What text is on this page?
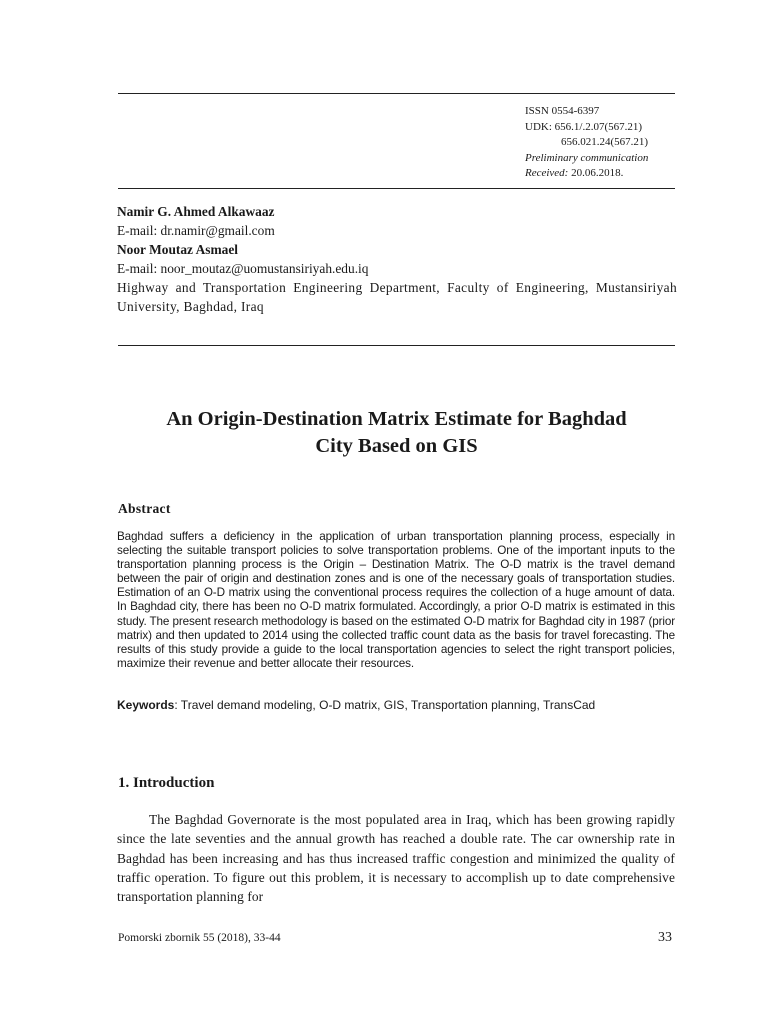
ISSN 0554-6397
UDK: 656.1/.2.07(567.21)
656.021.24(567.21)
Preliminary communication
Received: 20.06.2018.
Namir G. Ahmed Alkawaaz
E-mail: dr.namir@gmail.com
Noor Moutaz Asmael
E-mail: noor_moutaz@uomustansiriyah.edu.iq
Highway and Transportation Engineering Department, Faculty of Engineering, Mustansiriyah University, Baghdad, Iraq
An Origin-Destination Matrix Estimate for Baghdad
City Based on GIS
Abstract
Baghdad suffers a deficiency in the application of urban transportation planning process, especially in selecting the suitable transport policies to solve transportation problems. One of the important inputs to the transportation planning process is the Origin – Destination Matrix. The O-D matrix is the travel demand between the pair of origin and destination zones and is one of the necessary goals of transportation studies. Estimation of an O-D matrix using the conventional process requires the collection of a huge amount of data. In Baghdad city, there has been no O-D matrix formulated. Accordingly, a prior O-D matrix is estimated in this study. The present research methodology is based on the estimated O-D matrix for Baghdad city in 1987 (prior matrix) and then updated to 2014 using the collected traffic count data as the basis for travel forecasting. The results of this study provide a guide to the local transportation agencies to select the right transport policies, maximize their revenue and better allocate their resources.
Keywords: Travel demand modeling, O-D matrix, GIS, Transportation planning, TransCad
1. Introduction

The Baghdad Governorate is the most populated area in Iraq, which has been growing rapidly since the late seventies and the annual growth has reached a double rate. The car ownership rate in Baghdad has been increasing and has thus increased traffic congestion and minimized the quality of traffic operation. To figure out this problem, it is necessary to accomplish up to date comprehensive transportation planning for

Pomorski zbornik 55 (2018), 33-44	33
